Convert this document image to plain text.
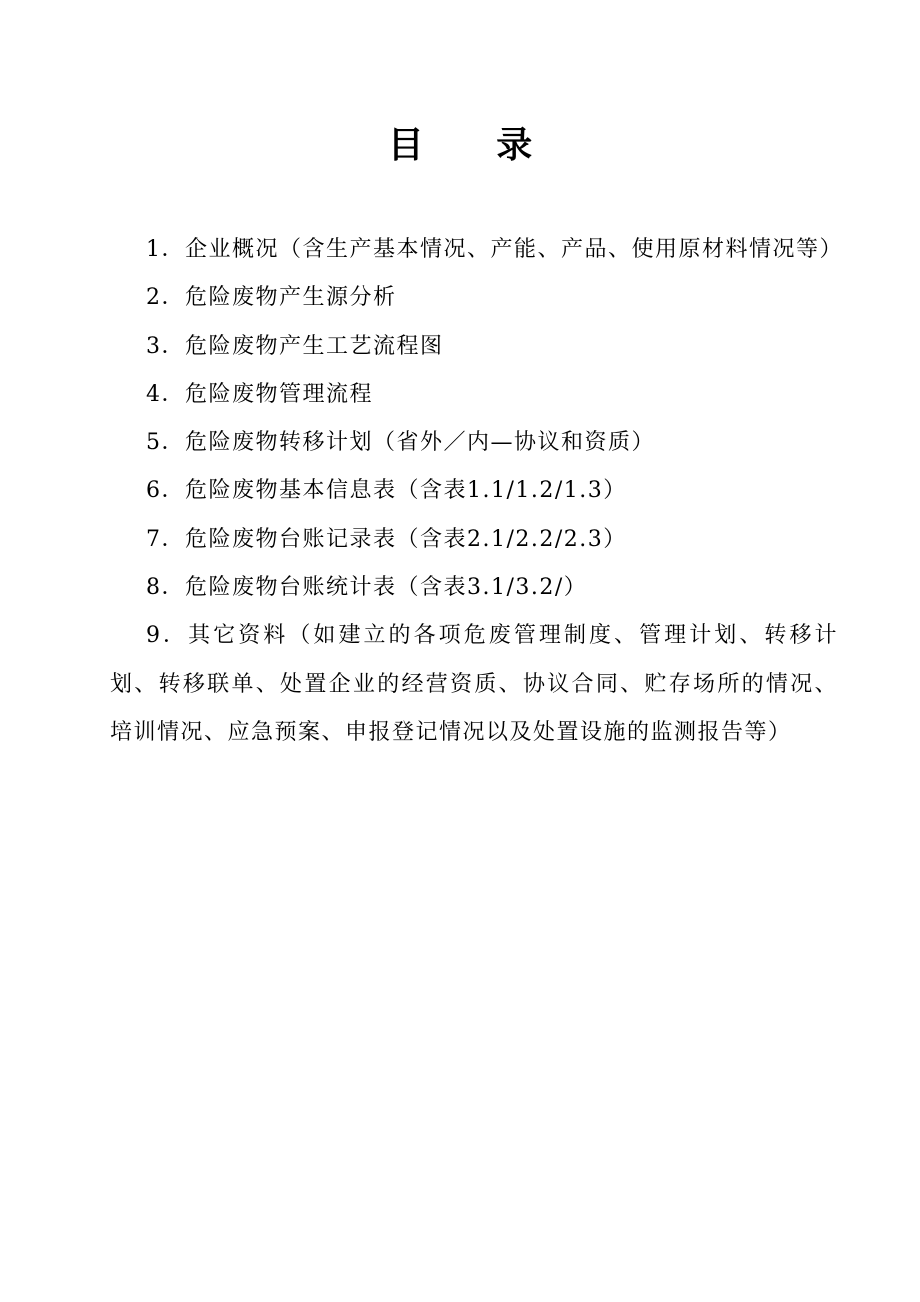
目 录
1．企业概况（含生产基本情况、产能、产品、使用原材料情况等）
2．危险废物产生源分析
3．危险废物产生工艺流程图
4．危险废物管理流程
5．危险废物转移计划（省外／内—协议和资质）
6．危险废物基本信息表（含表1.1/1.2/1.3）
7．危险废物台账记录表（含表2.1/2.2/2.3）
8．危险废物台账统计表（含表3.1/3.2/）
9．其它资料（如建立的各项危废管理制度、管理计划、转移计划、转移联单、处置企业的经营资质、协议合同、贮存场所的情况、培训情况、应急预案、申报登记情况以及处置设施的监测报告等）
